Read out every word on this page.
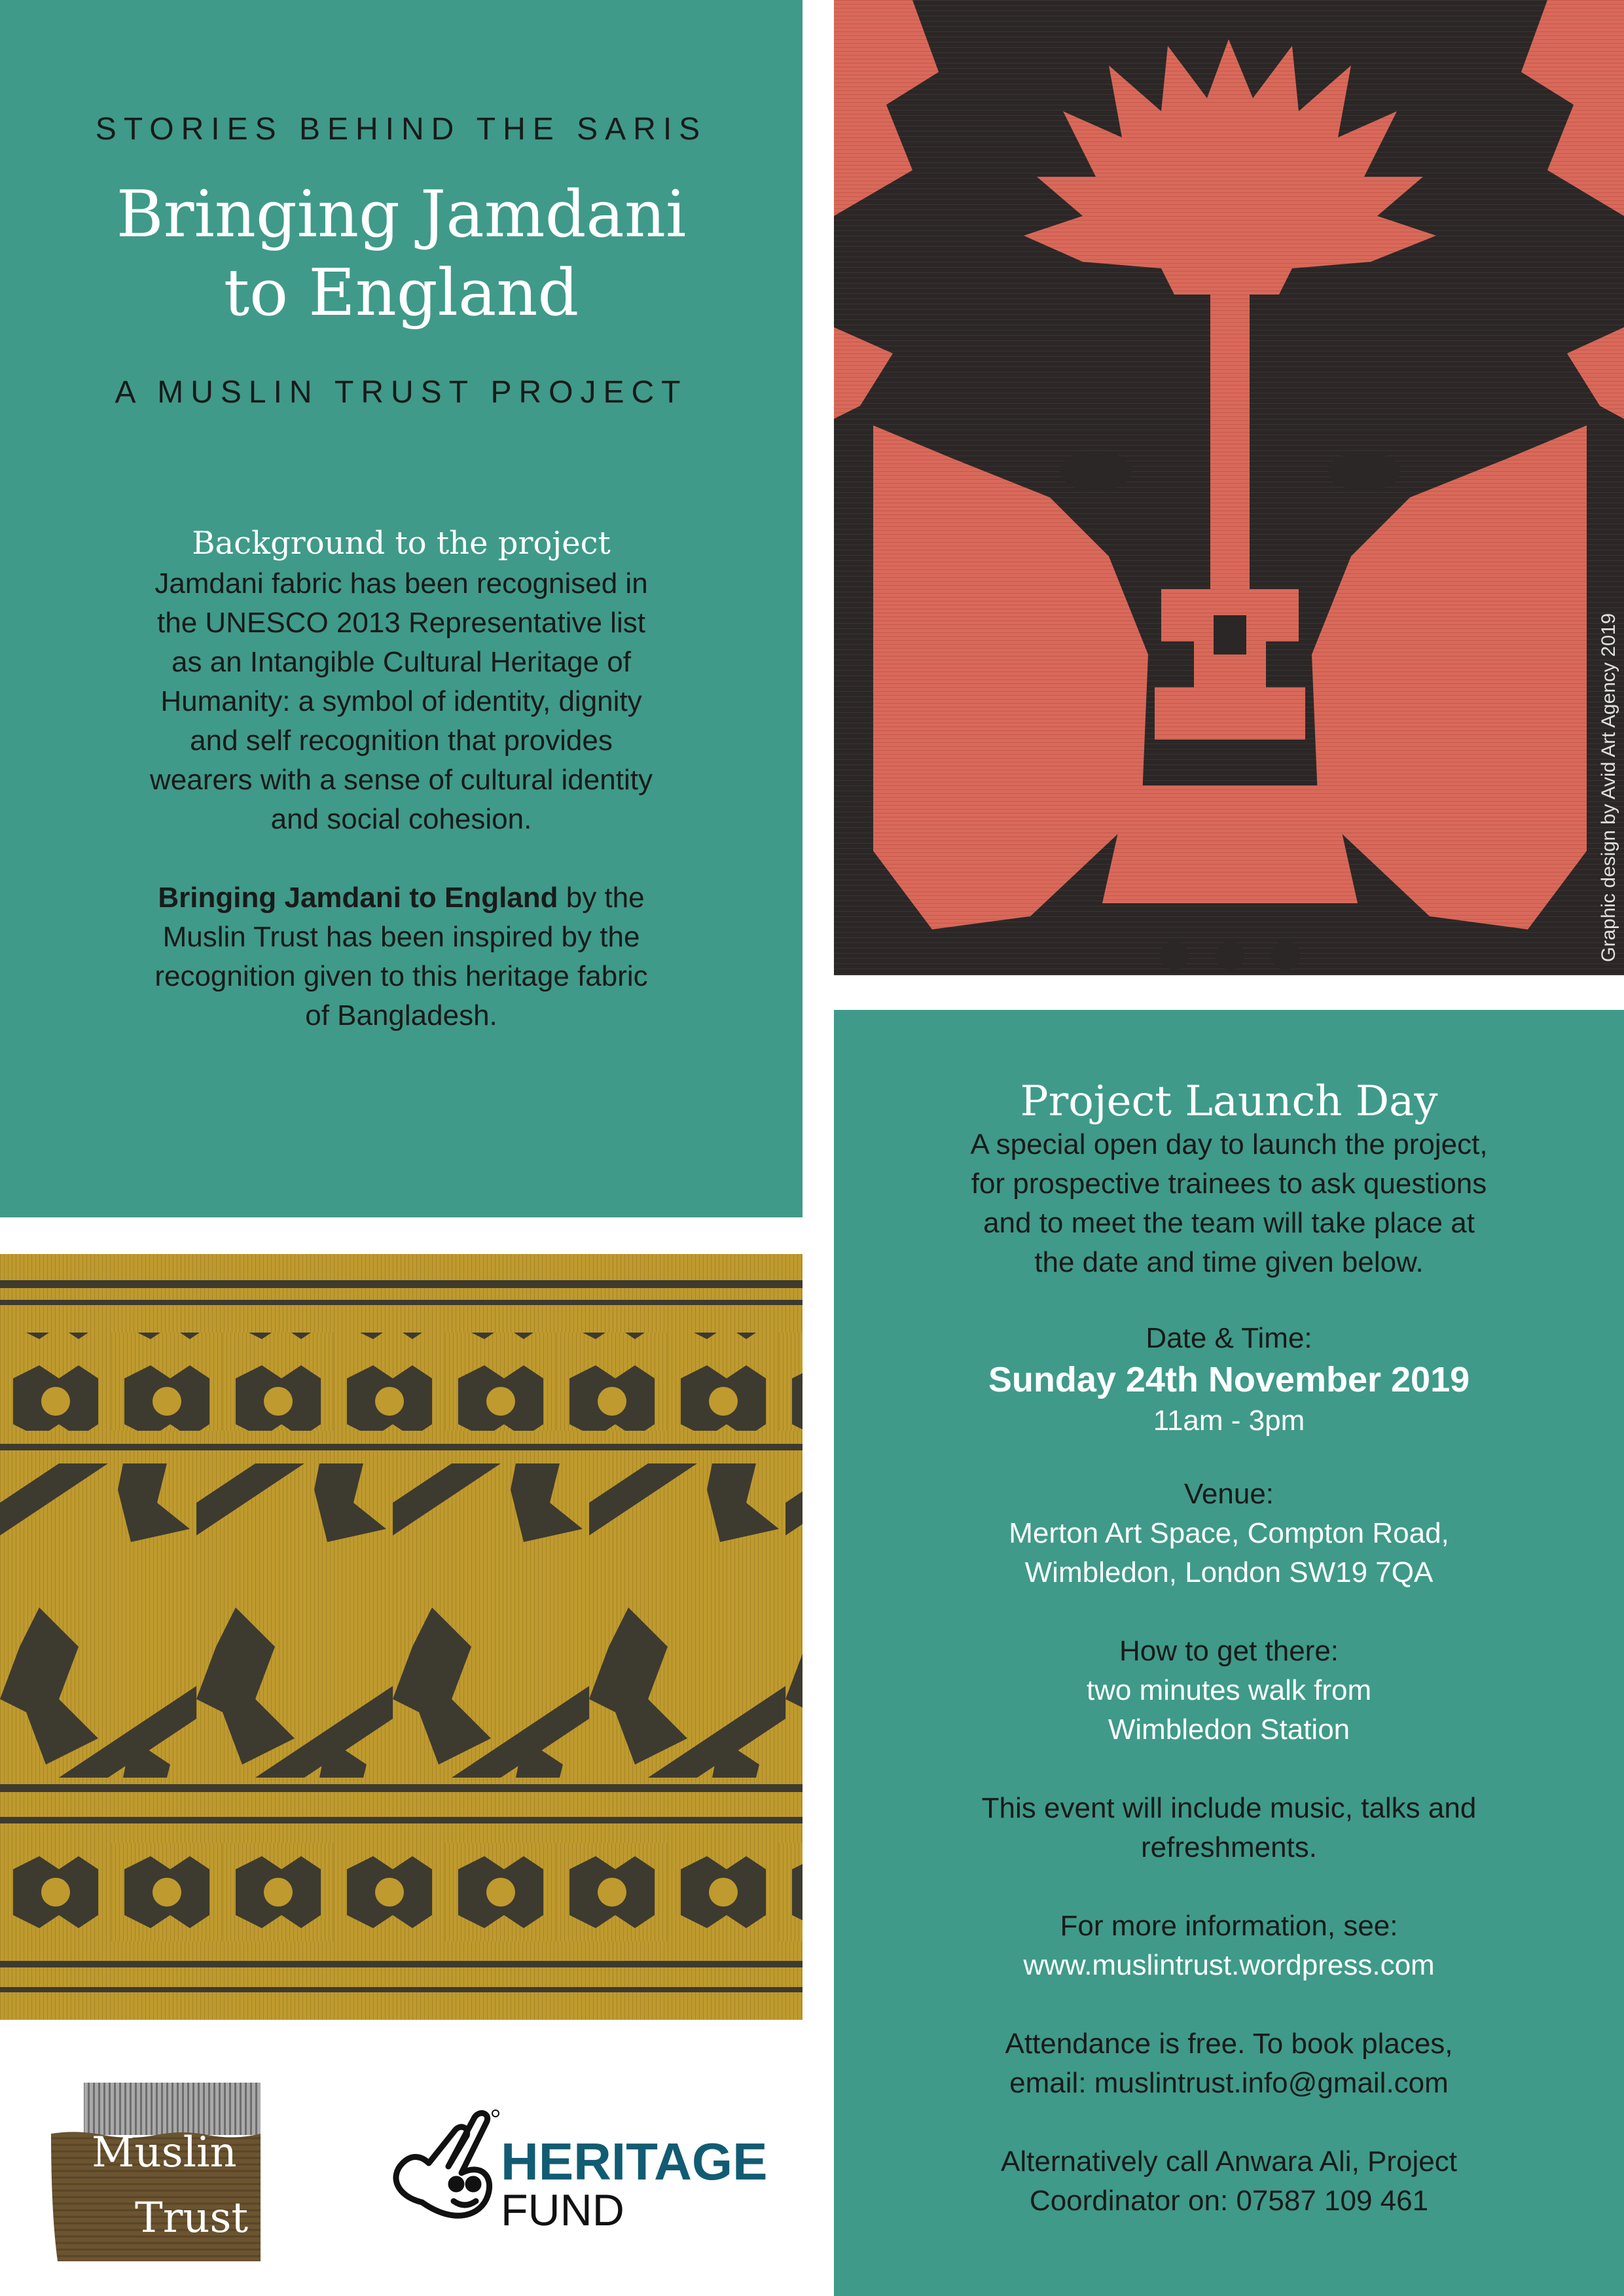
STORIES BEHIND THE SARIS
Bringing Jamdani
to England
A MUSLIN TRUST PROJECT
Background to the project
Jamdani fabric has been recognised in
the UNESCO 2013 Representative list
as an Intangible Cultural Heritage of
Humanity: a symbol of identity, dignity
and self recognition that provides
wearers with a sense of cultural identity
and social cohesion.
Bringing Jamdani to England by the
Muslin Trust has been inspired by the
recognition given to this heritage fabric
of Bangladesh.
Graphic design by Avid Art Agency 2019
Project Launch Day
A special open day to launch the project,
for prospective trainees to ask questions
and to meet the team will take place at
the date and time given below.
Date & Time:
Sunday 24th November 2019
11am - 3pm
Venue:
Merton Art Space, Compton Road,
Wimbledon, London SW19 7QA
How to get there:
two minutes walk from
Wimbledon Station
This event will include music, talks and
refreshments.
For more information, see:
www.muslintrust.wordpress.com
Attendance is free. To book places,
email: muslintrust.info@gmail.com
Alternatively call Anwara Ali, Project
Coordinator on: 07587 109 461
Muslin
Trust
HERITAGE
FUND
